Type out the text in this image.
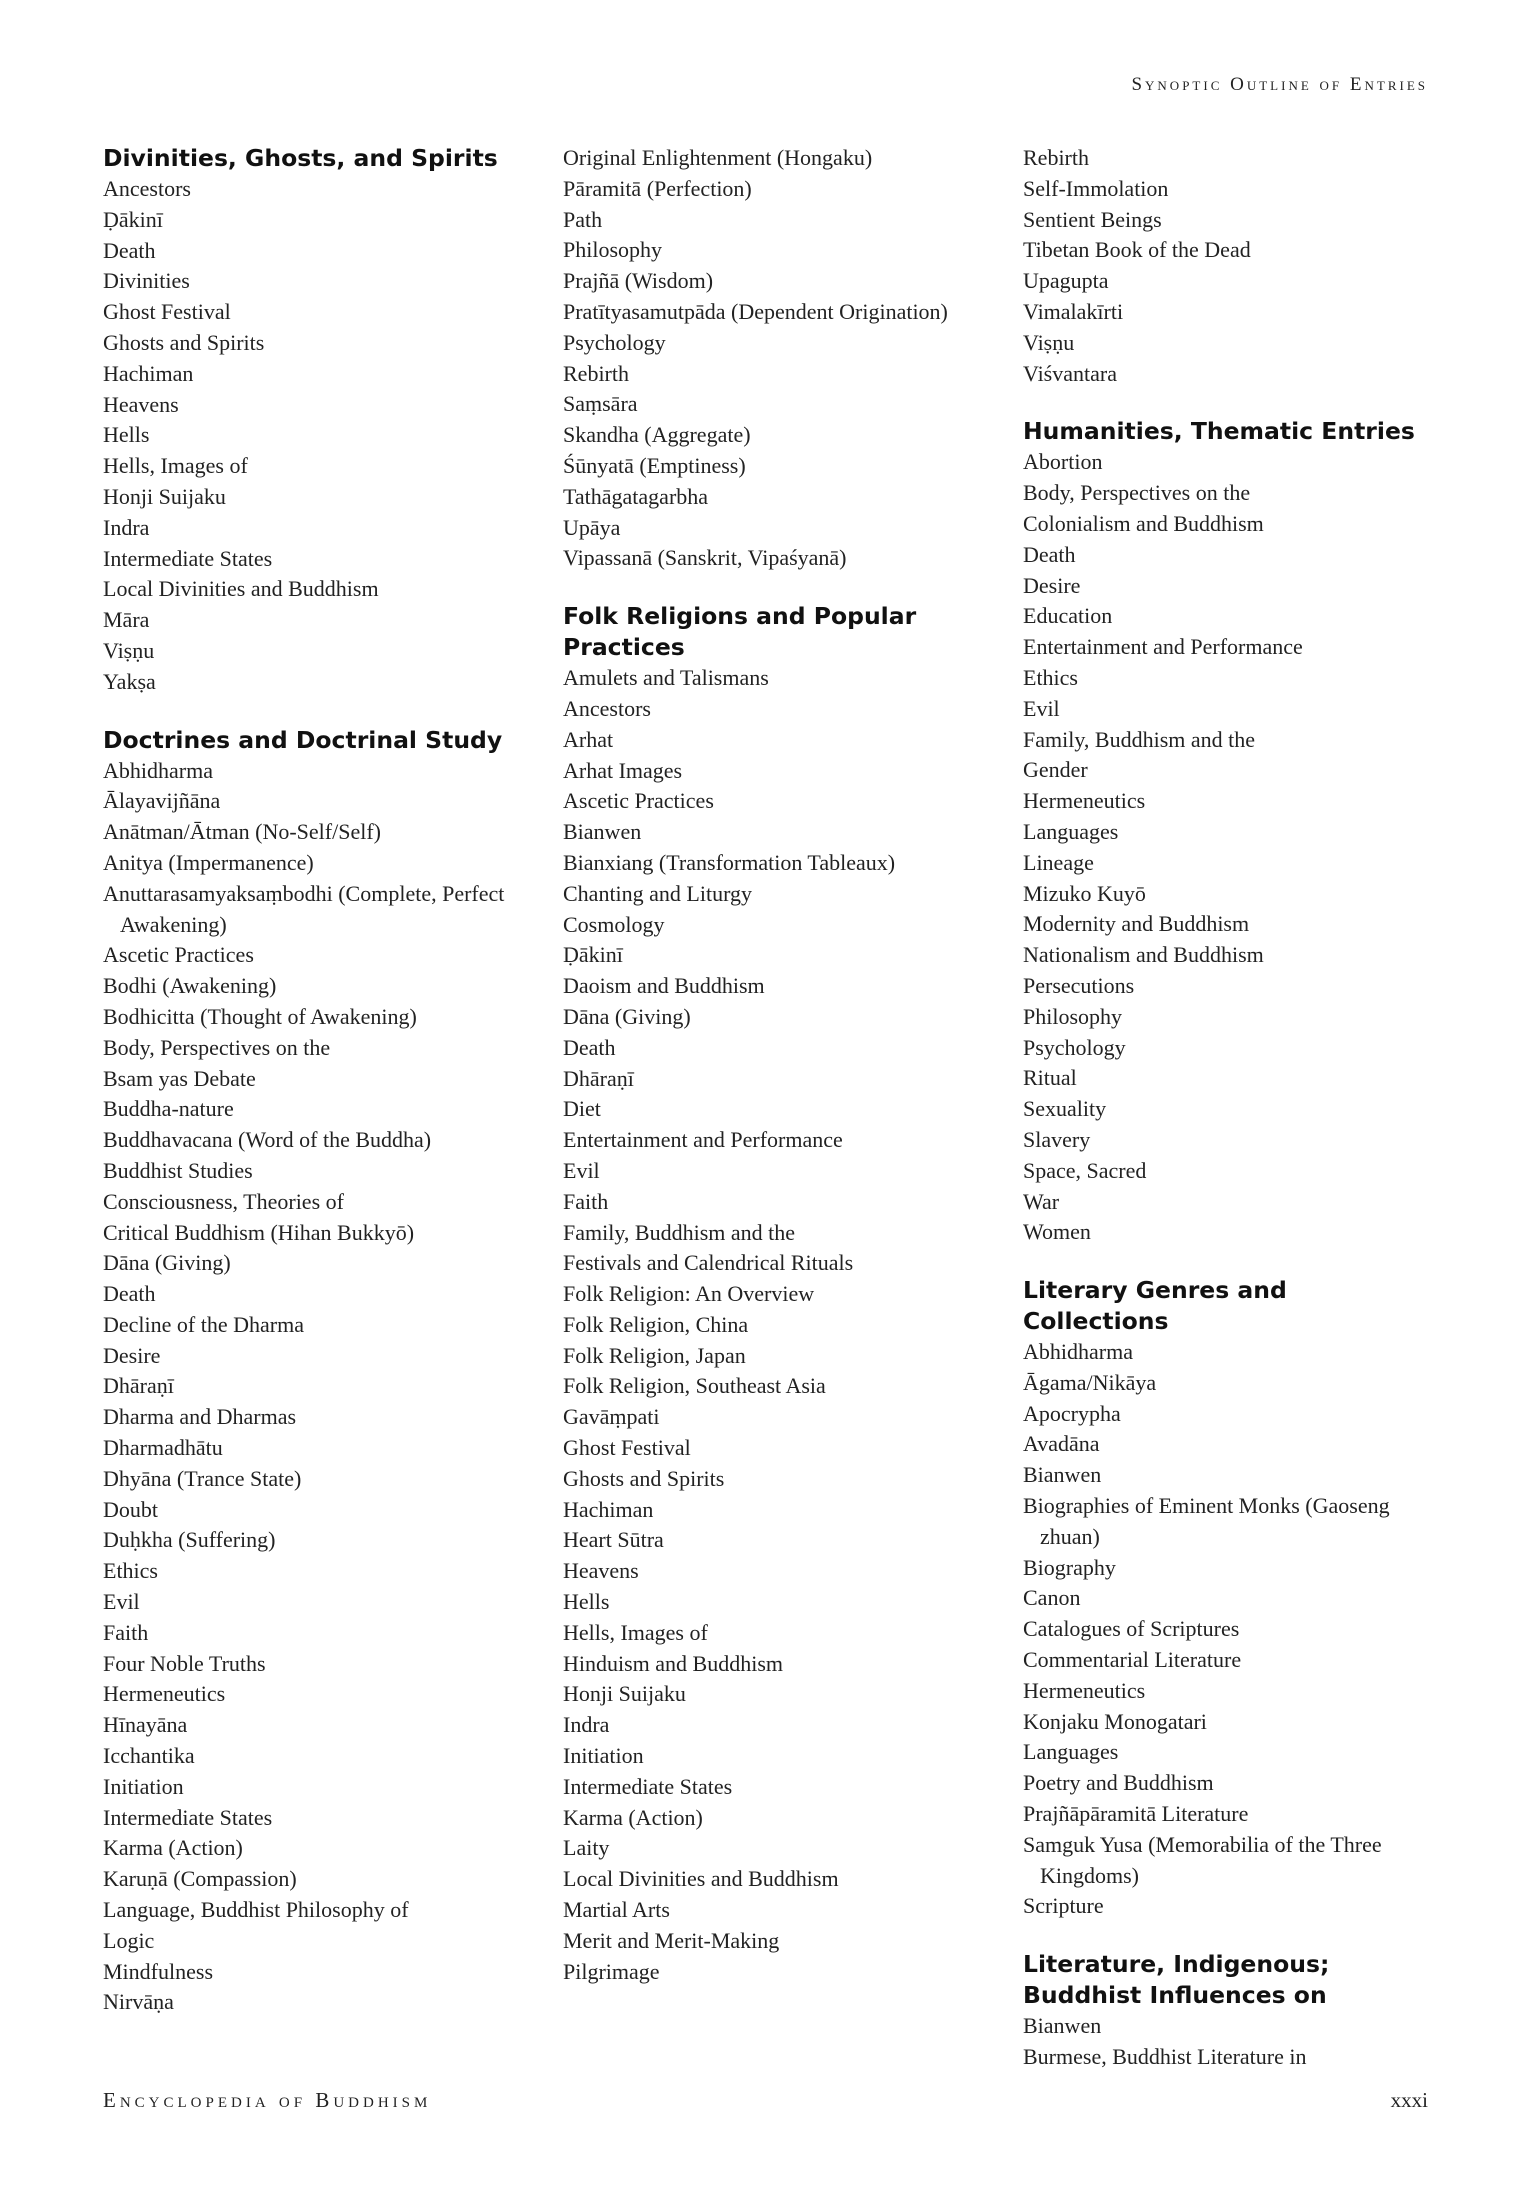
Synoptic Outline of Entries
Divinities, Ghosts, and Spirits
Ancestors
Ḍākinī
Death
Divinities
Ghost Festival
Ghosts and Spirits
Hachiman
Heavens
Hells
Hells, Images of
Honji Suijaku
Indra
Intermediate States
Local Divinities and Buddhism
Māra
Viṣṇu
Yakṣa
Doctrines and Doctrinal Study
Abhidharma
Ālayavijñāna
Anātman/Ātman (No-Self/Self)
Anitya (Impermanence)
Anuttarasamyaksaṃbodhi (Complete, Perfect Awakening)
Ascetic Practices
Bodhi (Awakening)
Bodhicitta (Thought of Awakening)
Body, Perspectives on the
Bsam yas Debate
Buddha-nature
Buddhavacana (Word of the Buddha)
Buddhist Studies
Consciousness, Theories of
Critical Buddhism (Hihan Bukkyō)
Dāna (Giving)
Death
Decline of the Dharma
Desire
Dhāraṇī
Dharma and Dharmas
Dharmadhātu
Dhyāna (Trance State)
Doubt
Duḥkha (Suffering)
Ethics
Evil
Faith
Four Noble Truths
Hermeneutics
Hīnayāna
Icchantika
Initiation
Intermediate States
Karma (Action)
Karuṇā (Compassion)
Language, Buddhist Philosophy of
Logic
Mindfulness
Nirvāṇa
Original Enlightenment (Hongaku)
Pāramitā (Perfection)
Path
Philosophy
Prajñā (Wisdom)
Pratītyasamutpāda (Dependent Origination)
Psychology
Rebirth
Saṃsāra
Skandha (Aggregate)
Śūnyatā (Emptiness)
Tathāgatagarbha
Upāya
Vipassanā (Sanskrit, Vipaśyanā)
Folk Religions and Popular Practices
Amulets and Talismans
Ancestors
Arhat
Arhat Images
Ascetic Practices
Bianwen
Bianxiang (Transformation Tableaux)
Chanting and Liturgy
Cosmology
Ḍākinī
Daoism and Buddhism
Dāna (Giving)
Death
Dhāraṇī
Diet
Entertainment and Performance
Evil
Faith
Family, Buddhism and the
Festivals and Calendrical Rituals
Folk Religion: An Overview
Folk Religion, China
Folk Religion, Japan
Folk Religion, Southeast Asia
Gavāṃpati
Ghost Festival
Ghosts and Spirits
Hachiman
Heart Sūtra
Heavens
Hells
Hells, Images of
Hinduism and Buddhism
Honji Suijaku
Indra
Initiation
Intermediate States
Karma (Action)
Laity
Local Divinities and Buddhism
Martial Arts
Merit and Merit-Making
Pilgrimage
Rebirth
Self-Immolation
Sentient Beings
Tibetan Book of the Dead
Upagupta
Vimalakīrti
Viṣṇu
Viśvantara
Humanities, Thematic Entries
Abortion
Body, Perspectives on the
Colonialism and Buddhism
Death
Desire
Education
Entertainment and Performance
Ethics
Evil
Family, Buddhism and the
Gender
Hermeneutics
Languages
Lineage
Mizuko Kuyō
Modernity and Buddhism
Nationalism and Buddhism
Persecutions
Philosophy
Psychology
Ritual
Sexuality
Slavery
Space, Sacred
War
Women
Literary Genres and Collections
Abhidharma
Āgama/Nikāya
Apocrypha
Avadāna
Bianwen
Biographies of Eminent Monks (Gaoseng zhuan)
Biography
Canon
Catalogues of Scriptures
Commentarial Literature
Hermeneutics
Konjaku Monogatari
Languages
Poetry and Buddhism
Prajñāpāramitā Literature
Samguk Yusa (Memorabilia of the Three Kingdoms)
Scripture
Literature, Indigenous; Buddhist Influences on
Bianwen
Burmese, Buddhist Literature in
Encyclopedia of Buddhism	xxxi
